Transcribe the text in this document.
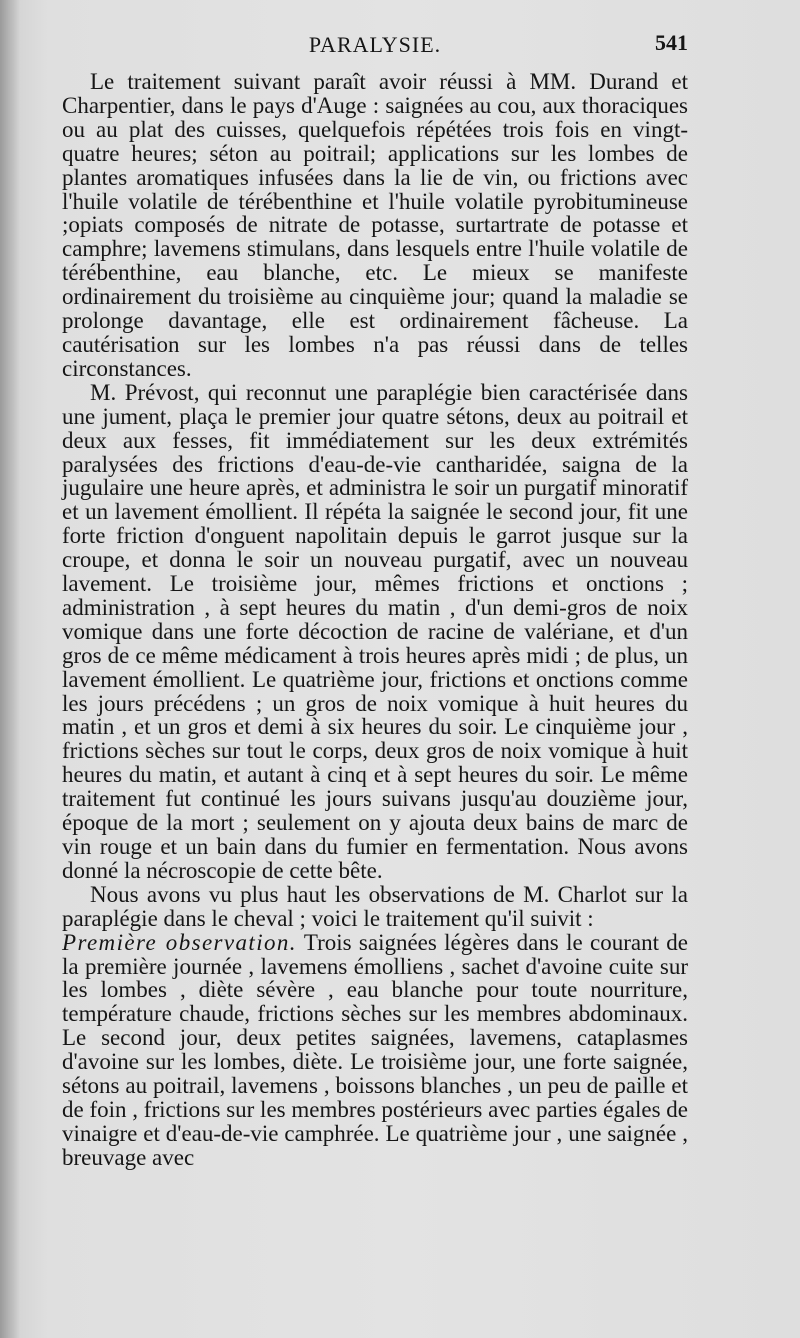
PARALYSIE.	541

Le traitement suivant paraît avoir réussi à MM. Durand et Charpentier, dans le pays d'Auge : saignées au cou, aux thoraciques ou au plat des cuisses, quelquefois répétées trois fois en vingt-quatre heures; séton au poitrail; applications sur les lombes de plantes aromatiques infusées dans la lie de vin, ou frictions avec l'huile volatile de térébenthine et l'huile volatile pyrobitumineuse ;opiats composés de nitrate de potasse, surtartrate de potasse et camphre; lavemens stimulans, dans lesquels entre l'huile volatile de térébenthine, eau blanche, etc. Le mieux se manifeste ordinairement du troisième au cinquième jour; quand la maladie se prolonge davantage, elle est ordinairement fâcheuse. La cautérisation sur les lombes n'a pas réussi dans de telles circonstances.

M. Prévost, qui reconnut une paraplégie bien caractérisée dans une jument, plaça le premier jour quatre sétons, deux au poitrail et deux aux fesses, fit immédiatement sur les deux extrémités paralysées des frictions d'eau-de-vie cantharidée, saigna de la jugulaire une heure après, et administra le soir un purgatif minoratif et un lavement émollient. Il répéta la saignée le second jour, fit une forte friction d'onguent napolitain depuis le garrot jusque sur la croupe, et donna le soir un nouveau purgatif, avec un nouveau lavement. Le troisième jour, mêmes frictions et onctions ; administration , à sept heures du matin , d'un demi-gros de noix vomique dans une forte décoction de racine de valériane, et d'un gros de ce même médicament à trois heures après midi ; de plus, un lavement émollient. Le quatrième jour, frictions et onctions comme les jours précédens ; un gros de noix vomique à huit heures du matin , et un gros et demi à six heures du soir. Le cinquième jour , frictions sèches sur tout le corps, deux gros de noix vomique à huit heures du matin, et autant à cinq et à sept heures du soir. Le même traitement fut continué les jours suivans jusqu'au douzième jour, époque de la mort ; seulement on y ajouta deux bains de marc de vin rouge et un bain dans du fumier en fermentation. Nous avons donné la nécroscopie de cette bête.

Nous avons vu plus haut les observations de M. Charlot sur la paraplégie dans le cheval ; voici le traitement qu'il suivit :
Première observation. Trois saignées légères dans le courant de la première journée , lavemens émolliens , sachet d'avoine cuite sur les lombes , diète sévère , eau blanche pour toute nourriture, température chaude, frictions sèches sur les membres abdominaux. Le second jour, deux petites saignées, lavemens, cataplasmes d'avoine sur les lombes, diète. Le troisième jour, une forte saignée, sétons au poitrail, lavemens , boissons blanches , un peu de paille et de foin , frictions sur les membres postérieurs avec parties égales de vinaigre et d'eau-de-vie camphrée. Le quatrième jour , une saignée , breuvage avec
